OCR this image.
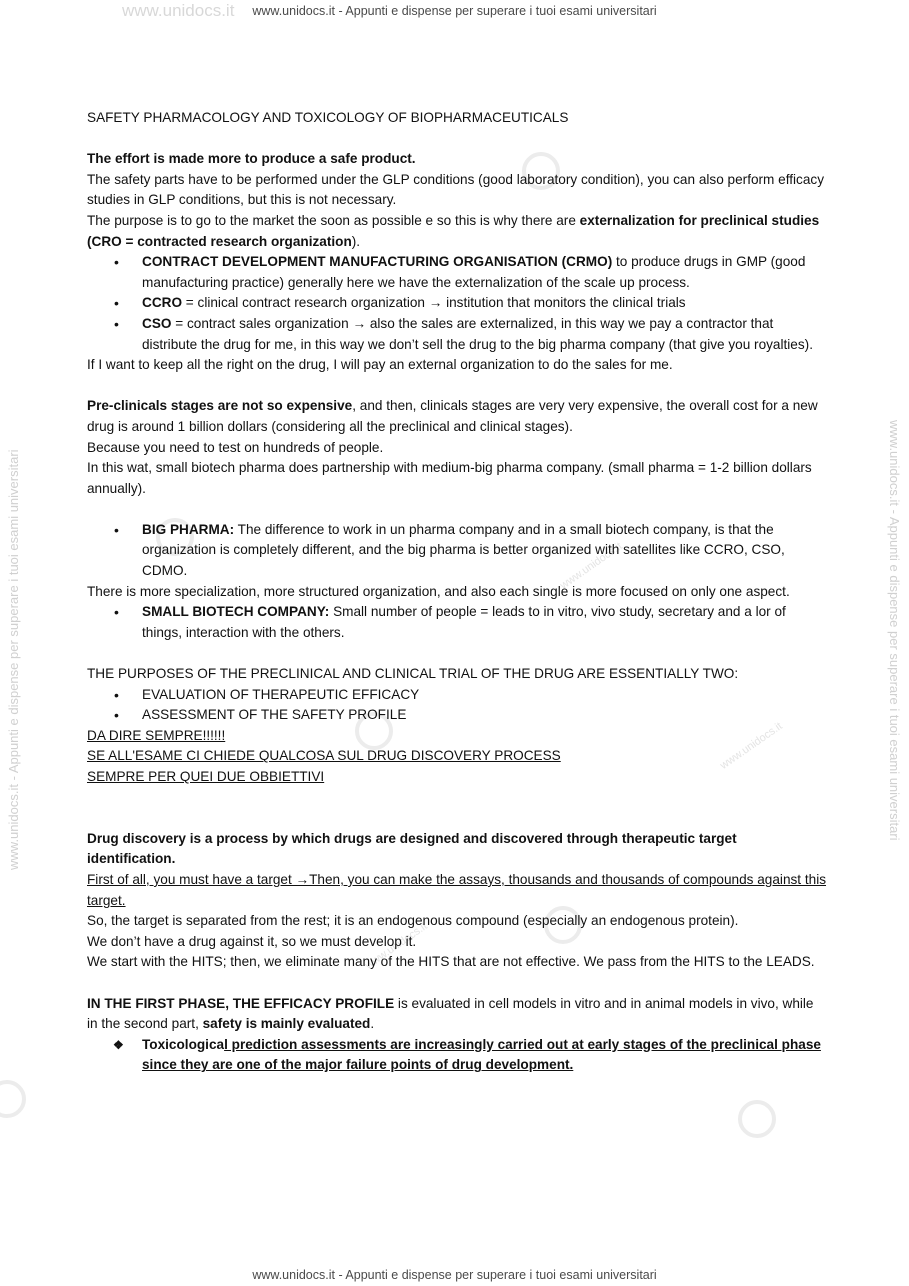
www.unidocs.it www.unidocs.it - Appunti e dispense per superare i tuoi esami universitari
www.unidocs.it - Appunti e dispense per superare i tuoi esami universitari
www.unidocs.it - Appunti e dispense per superare i tuoi esami universitari	www.unidocs.it - Appunti e dispense per superare i tuoi esami universitari
www.unidocs.it
www.unidocs.it
www.unidocs.it

SAFETY PHARMACOLOGY AND TOXICOLOGY OF BIOPHARMACEUTICALS

The effort is made more to produce a safe product.

The safety parts have to be performed under the GLP conditions (good laboratory condition), you can also perform efficacy studies in GLP conditions, but this is not necessary.

The purpose is to go to the market the soon as possible e so this is why there are externalization for preclinical studies (CRO = contracted research organization).

• CONTRACT DEVELOPMENT MANUFACTURING ORGANISATION (CRMO) to produce drugs in GMP (good manufacturing practice) generally here we have the externalization of the scale up process.
• CCRO = clinical contract research organization → institution that monitors the clinical trials
• CSO = contract sales organization → also the sales are externalized, in this way we pay a contractor that distribute the drug for me, in this way we don’t sell the drug to the big pharma company (that give you royalties).

If I want to keep all the right on the drug, I will pay an external organization to do the sales for me.

Pre-clinicals stages are not so expensive, and then, clinicals stages are very very expensive, the overall cost for a new drug is around 1 billion dollars (considering all the preclinical and clinical stages).

Because you need to test on hundreds of people.

In this wat, small biotech pharma does partnership with medium-big pharma company. (small pharma = 1-2 billion dollars annually).

• BIG PHARMA: The difference to work in un pharma company and in a small biotech company, is that the organization is completely different, and the big pharma is better organized with satellites like CCRO, CSO, CDMO.

There is more specialization, more structured organization, and also each single is more focused on only one aspect.

• SMALL BIOTECH COMPANY: Small number of people = leads to in vitro, vivo study, secretary and a lor of things, interaction with the others.

THE PURPOSES OF THE PRECLINICAL AND CLINICAL TRIAL OF THE DRUG ARE ESSENTIALLY TWO:

• EVALUATION OF THERAPEUTIC EFFICACY
• ASSESSMENT OF THE SAFETY PROFILE

DA DIRE SEMPRE!!!!!!

SE ALL'ESAME CI CHIEDE QUALCOSA SUL DRUG DISCOVERY PROCESS

SEMPRE PER QUEI DUE OBBIETTIVI

Drug discovery is a process by which drugs are designed and discovered through therapeutic target identification.

First of all, you must have a target →Then, you can make the assays, thousands and thousands of compounds against this target.

So, the target is separated from the rest; it is an endogenous compound (especially an endogenous protein).

We don’t have a drug against it, so we must develop it.

We start with the HITS; then, we eliminate many of the HITS that are not effective. We pass from the HITS to the LEADS.

IN THE FIRST PHASE, THE EFFICACY PROFILE is evaluated in cell models in vitro and in animal models in vivo, while in the second part, safety is mainly evaluated.

❖ Toxicological prediction assessments are increasingly carried out at early stages of the preclinical phase since they are one of the major failure points of drug development.
